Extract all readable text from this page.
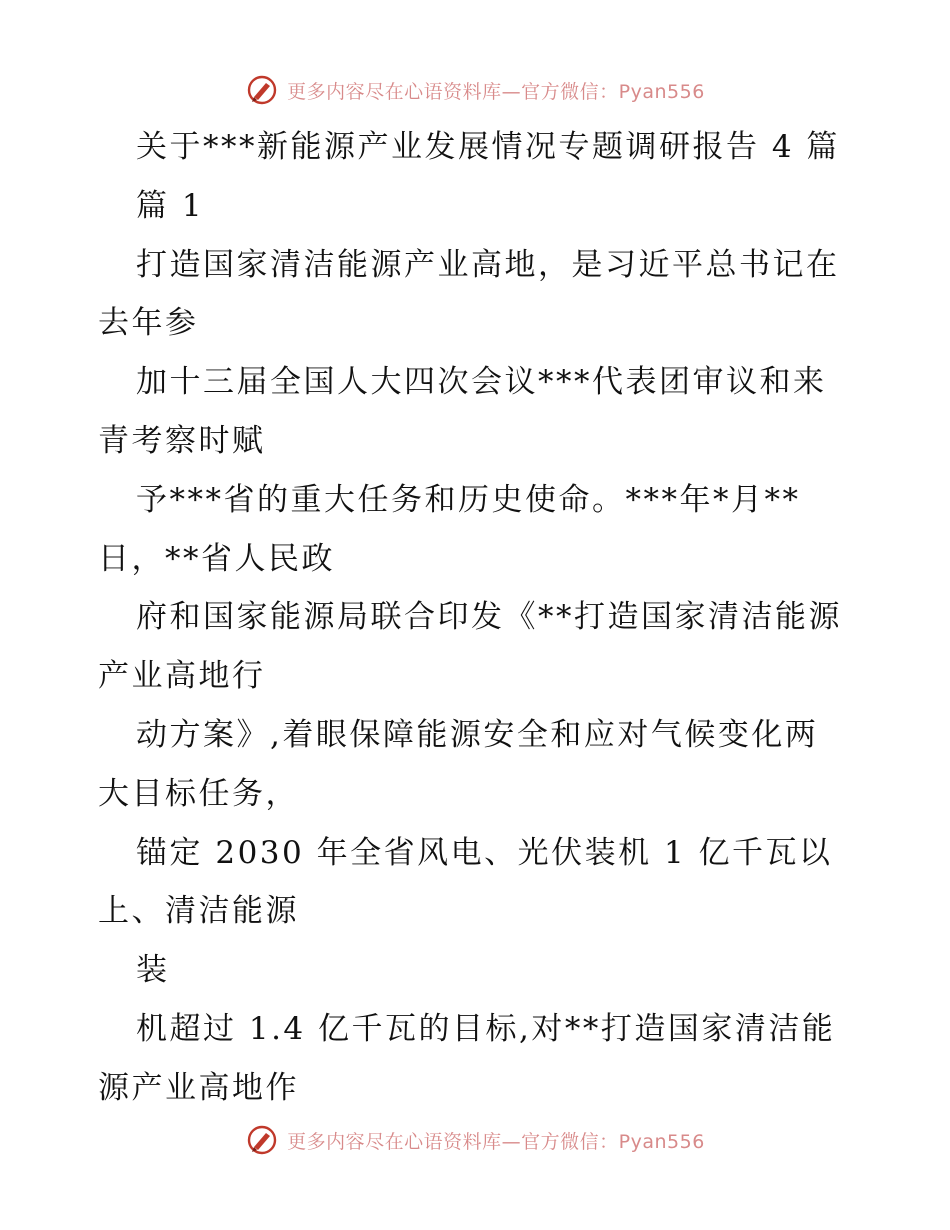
更多内容尽在心语资料库—官方微信：Pyan556
关于***新能源产业发展情况专题调研报告 4 篇
篇 1
打造国家清洁能源产业高地，是习近平总书记在
去年参
加十三届全国人大四次会议***代表团审议和来
青考察时赋
予***省的重大任务和历史使命。***年*月**
日，**省人民政
府和国家能源局联合印发《**打造国家清洁能源
产业高地行
动方案》,着眼保障能源安全和应对气候变化两
大目标任务，
锚定 2030 年全省风电、光伏装机 1 亿千瓦以
上、清洁能源
装
机超过 1.4 亿千瓦的目标,对**打造国家清洁能
源产业高地作
更多内容尽在心语资料库—官方微信：Pyan556
